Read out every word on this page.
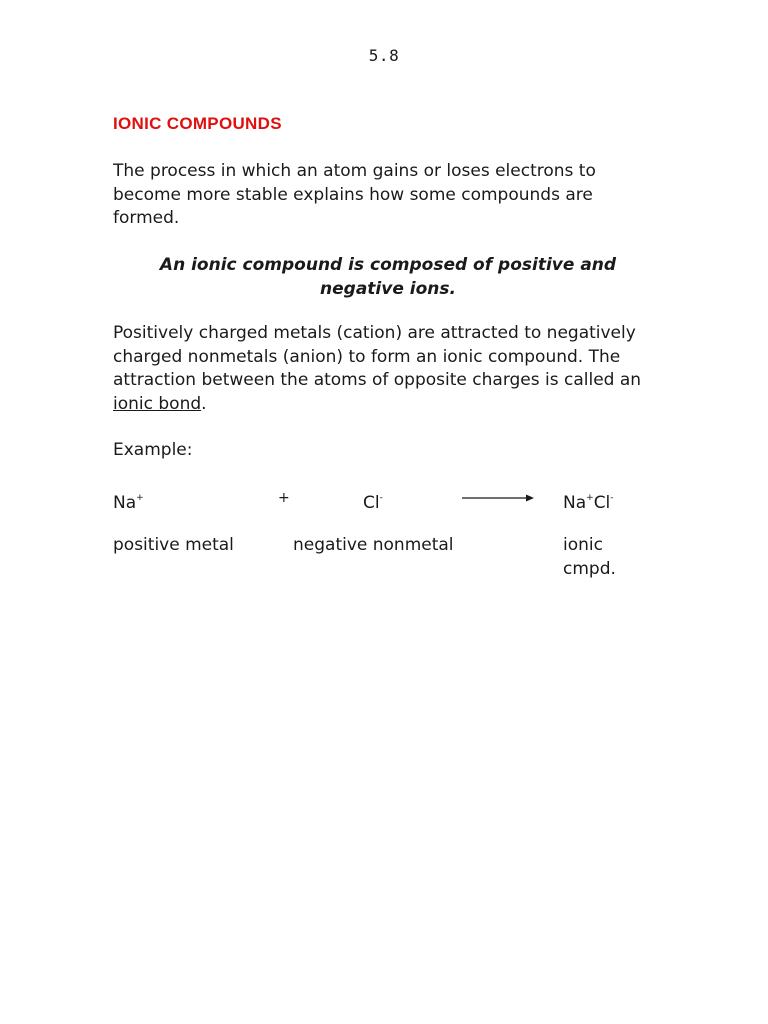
5.8
IONIC COMPOUNDS

The process in which an atom gains or loses electrons to become more stable explains how some compounds are formed.

An ionic compound is composed of positive and negative ions.

Positively charged metals (cation) are attracted to negatively charged nonmetals (anion) to form an ionic compound. The attraction between the atoms of opposite charges is called an ionic bond.

Example:
Na+	+	Cl-	Na+Cl-
positive metal	negative nonmetal	ionic
cmpd.
